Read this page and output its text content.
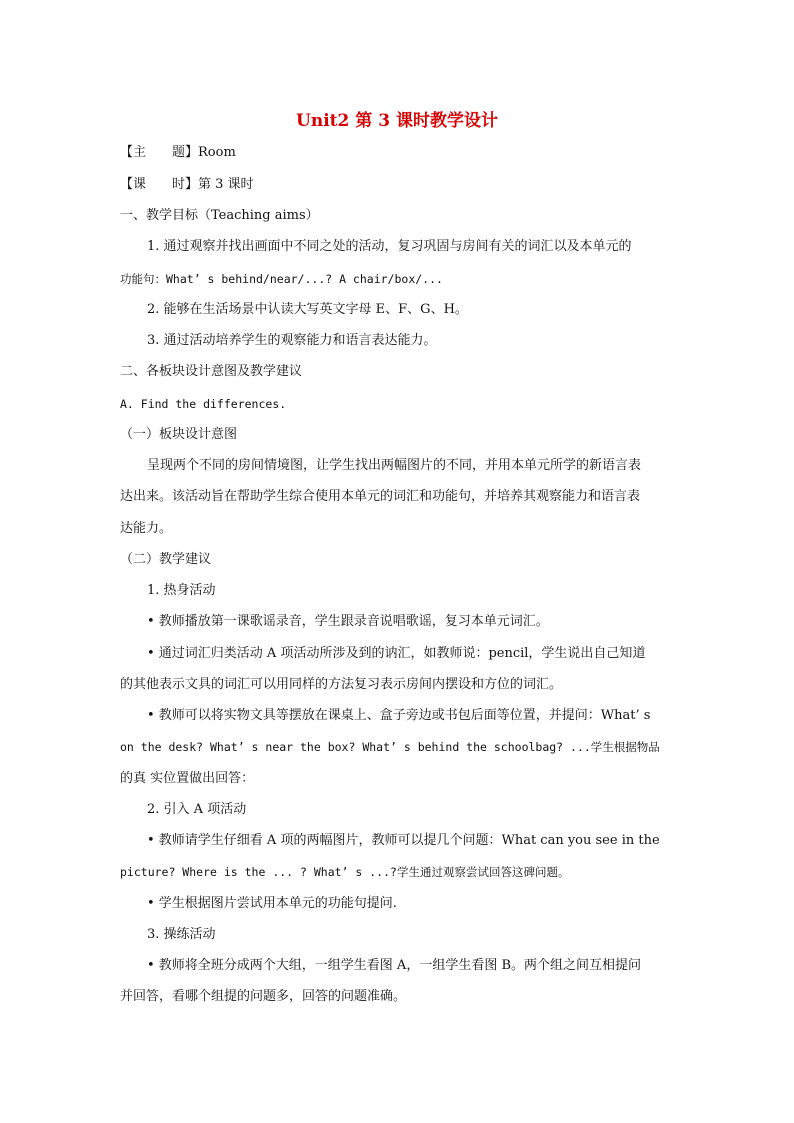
Unit2 第 3 课时教学设计
【主　　题】Room
【课　　时】第 3 课时
一、教学目标（Teaching aims）
1. 通过观察并找出画面中不同之处的活动，复习巩固与房间有关的词汇以及本单元的
功能句：What’ s behind/near/...? A chair/box/...
2. 能够在生活场景中认读大写英文字母 E、F、G、H。
3. 通过活动培养学生的观察能力和语言表达能力。
二、各板块设计意图及教学建议
A. Find the differences.
（一）板块设计意图
呈现两个不同的房间情境图，让学生找出两幅图片的不同，并用本单元所学的新语言表
达出来。该活动旨在帮助学生综合使用本单元的词汇和功能句，并培养其观察能力和语言表
达能力。
（二）教学建议
1. 热身活动
• 教师播放第一课歌谣录音，学生跟录音说唱歌谣，复习本单元词汇。
• 通过词汇归类活动 A 项活动所涉及到的讷汇，如教师说：pencil，学生说出自己知道
的其他表示文具的词汇可以用同样的方法复习表示房间内摆设和方位的词汇。
• 教师可以将实物文具等摆放在课桌上、盒子旁边或书包后面等位置，并提问：What’ s
on the desk? What’ s near the box? What’ s behind the schoolbag? ...学生根据物品
的真 实位置做出回答：
2. 引入 A 项活动
• 教师请学生仔细看 A 项的两幅图片，教师可以提几个问题：What can you see in the
picture? Where is the ... ? What’ s ...?学生通过观察尝试回答这碑问题。
• 学生根据图片尝试用本单元的功能句提问.
3. 操练活动
• 教师将全班分成两个大组，一组学生看图 A，一组学生看图 B。两个组之间互相提问
并回答，看哪个组提的问题多，回答的问题准确。
